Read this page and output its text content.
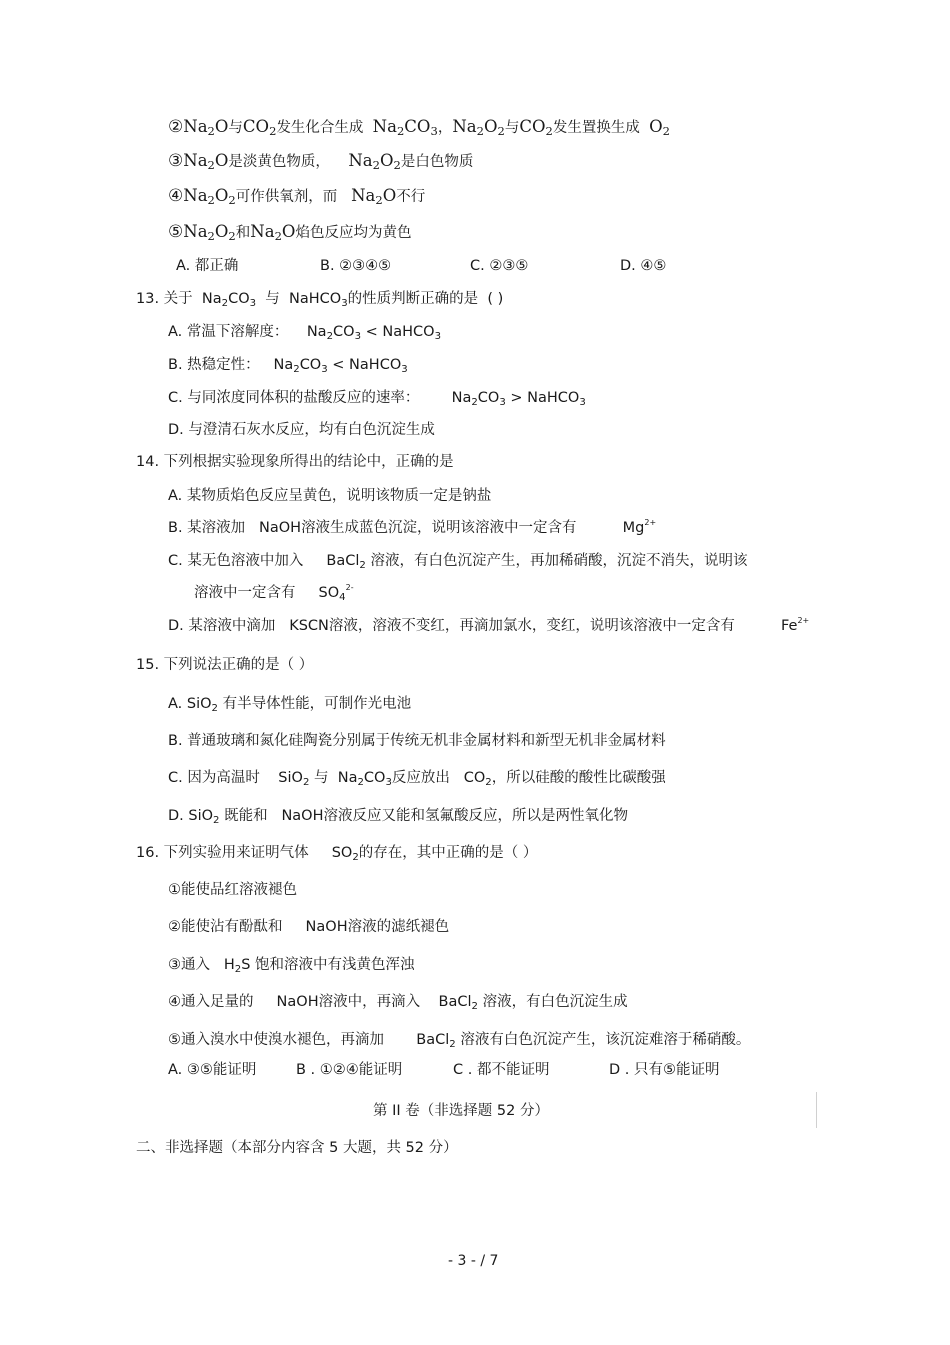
$②Na_2O$与$CO_2$发生化合生成 $Na_2CO_3$，$Na_2O_2$与$CO_2$发生置换生成 $O_2$
$③Na_2O$是淡黄色物质， $Na_2O_2$是白色物质
$④Na_2O_2$可作供氧剂，而 $Na_2O$不行
$⑤Na_2O_2$和$Na_2O$焰色反应均为黄色
A. 都正确	B. ②③④⑤	C. ②③⑤	D. ④⑤
13. 关于 $Na_2CO_3$ 与 NaHCO$_3$的性质判断正确的是 ( )
A. 常温下溶解度： $Na_2CO_3$ < NaHCO$_3$
B. 热稳定性： $Na_2CO_3$ < NaHCO$_3$
C. 与同浓度同体积的盐酸反应的速率： $Na_2CO_3$ > NaHCO$_3$
D. 与澄清石灰水反应，均有白色沉淀生成
14. 下列根据实验现象所得出的结论中，正确的是
A. 某物质焰色反应呈黄色，说明该物质一定是钠盐
B. 某溶液加 NaOH溶液生成蓝色沉淀，说明该溶液中一定含有	$Mg^{2+}$
C. 某无色溶液中加入 BaCl$_2$ 溶液，有白色沉淀产生，再加稀硝酸，沉淀不消失，说明该
溶液中一定含有 $SO_4^{2-}$
D. 某溶液中滴加 KSCN溶液，溶液不变红，再滴加氯水，变红，说明该溶液中一定含有	$Fe^{2+}$
15. 下列说法正确的是（ ）
A. SiO$_2$ 有半导体性能，可制作光电池
B. 普通玻璃和氮化硅陶瓷分别属于传统无机非金属材料和新型无机非金属材料
C. 因为高温时 SiO$_2$ 与 $Na_2CO_3$反应放出 $CO_2$，所以硅酸的酸性比碳酸强
D. SiO$_2$ 既能和 NaOH溶液反应又能和氢氟酸反应，所以是两性氧化物
16. 下列实验用来证明气体 $SO_2$的存在，其中正确的是（ ）
①能使品红溶液褪色
②能使沾有酚酞和 NaOH溶液的滤纸褪色
③通入 $H_2S$ 饱和溶液中有浅黄色浑浊
④通入足量的 NaOH溶液中，再滴入 BaCl$_2$ 溶液，有白色沉淀生成
⑤通入溴水中使溴水褪色，再滴加 BaCl$_2$ 溶液有白色沉淀产生，该沉淀难溶于稀硝酸。
A. ③⑤能证明	B . ①②④能证明	C . 都不能证明	D . 只有⑤能证明
第 II 卷（非选择题 52 分）
二、非选择题（本部分内容含 5 大题，共 52 分）
- 3 - / 7
